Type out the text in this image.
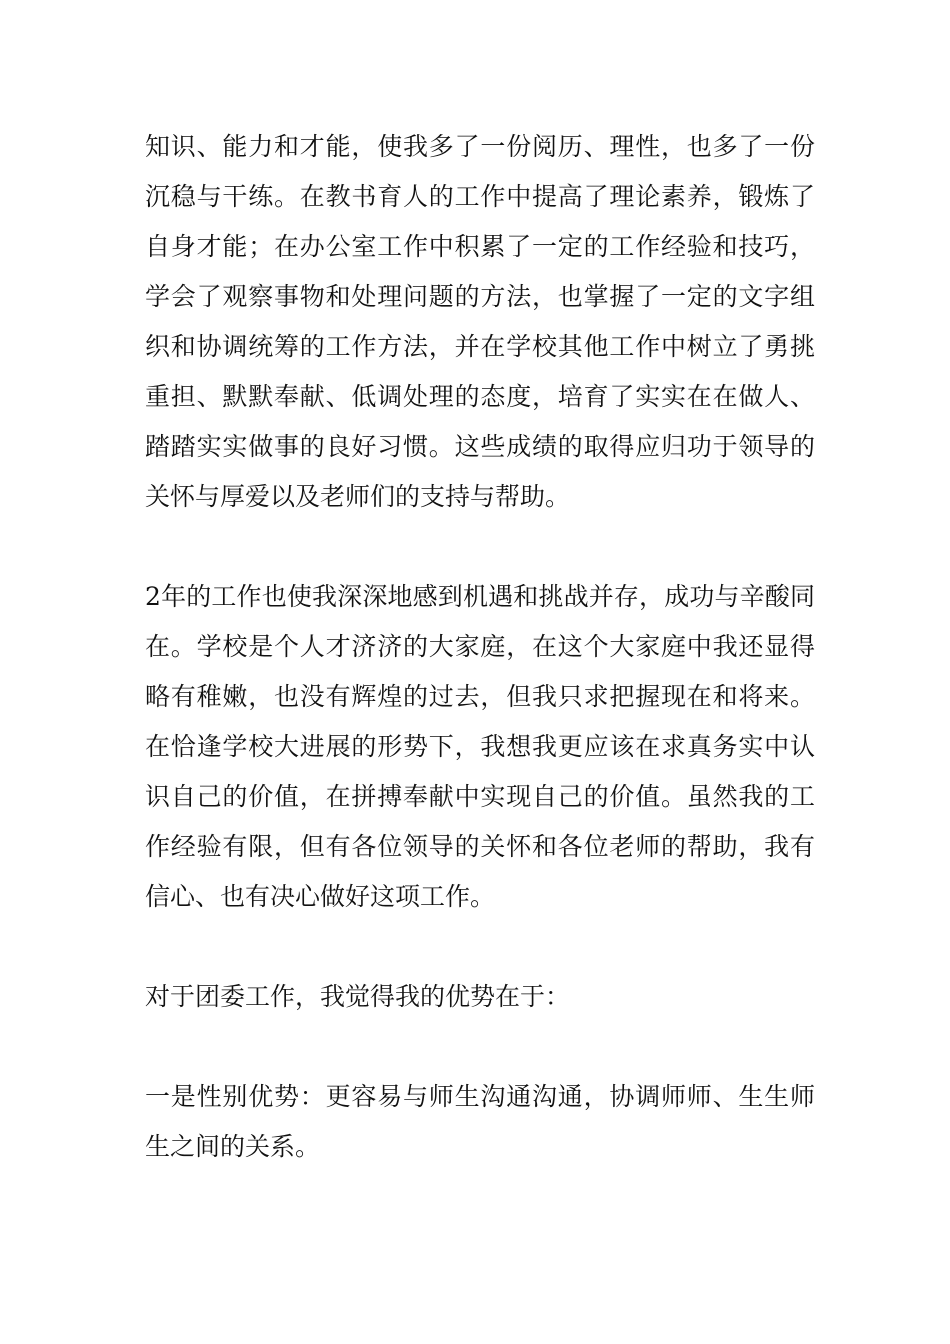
知识、能力和才能，使我多了一份阅历、理性，也多了一份沉稳与干练。在教书育人的工作中提高了理论素养，锻炼了自身才能；在办公室工作中积累了一定的工作经验和技巧，学会了观察事物和处理问题的方法，也掌握了一定的文字组织和协调统筹的工作方法，并在学校其他工作中树立了勇挑重担、默默奉献、低调处理的态度，培育了实实在在做人、踏踏实实做事的良好习惯。这些成绩的取得应归功于领导的关怀与厚爱以及老师们的支持与帮助。

2年的工作也使我深深地感到机遇和挑战并存，成功与辛酸同在。学校是个人才济济的大家庭，在这个大家庭中我还显得略有稚嫩，也没有辉煌的过去，但我只求把握现在和将来。在恰逢学校大进展的形势下，我想我更应该在求真务实中认识自己的价值，在拼搏奉献中实现自己的价值。虽然我的工作经验有限，但有各位领导的关怀和各位老师的帮助，我有信心、也有决心做好这项工作。

对于团委工作，我觉得我的优势在于：

一是性别优势：更容易与师生沟通沟通，协调师师、生生师生之间的关系。
